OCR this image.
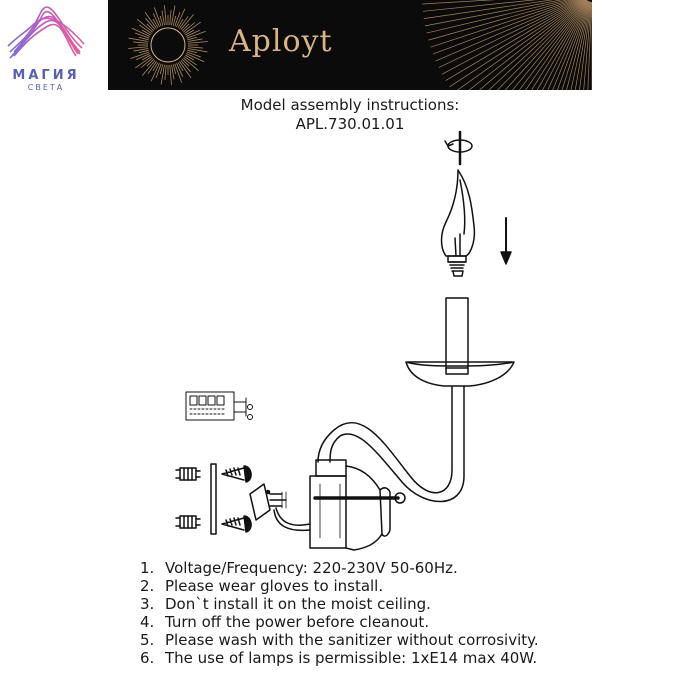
МАГИЯ
СВЕТА
Aployt
Model assembly instructions:
APL.730.01.01
1. Voltage/Frequency: 220-230V 50-60Hz.
2. Please wear gloves to install.
3. Don`t install it on the moist ceiling.
4. Turn off the power before cleanout.
5. Please wash with the sanitizer without corrosivity.
6. The use of lamps is permissible: 1xE14 max 40W.
